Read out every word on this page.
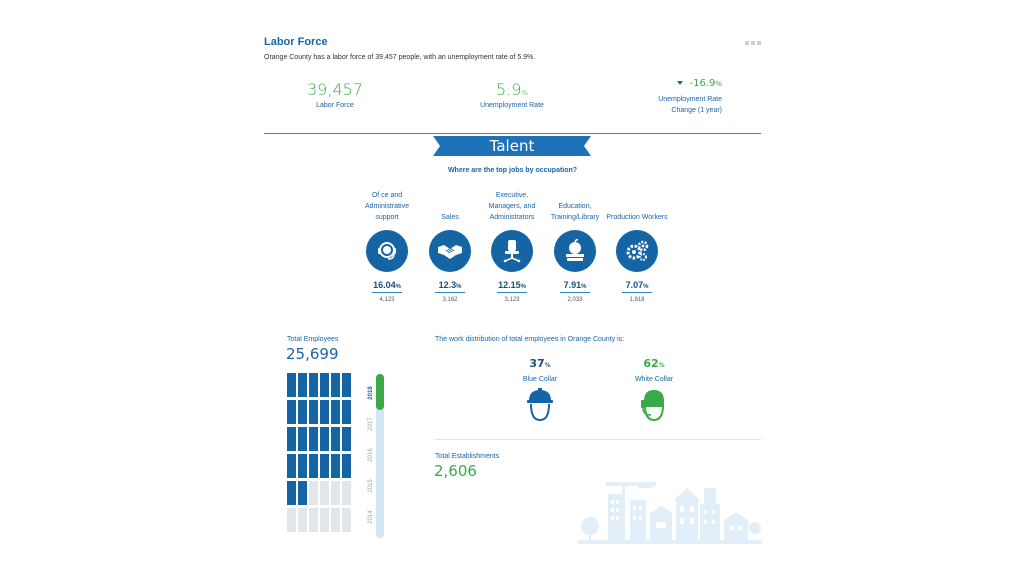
Labor Force
Orange County has a labor force of 39,457 people, with an unemployment rate of 5.9%.
39,457
Labor Force
5.9%
Unemployment Rate
-16.9%
Unemployment Rate
Change (1 year)
Talent
Where are the top jobs by occupation?
Of ce and Administrative support
16.04%
4,123
Sales
12.3%
3,162
Executive, Managers, and Administrators
12.15%
3,123
Education, Training/Library
7.91%
2,033
Production Workers
7.07%
1,818
Total Employees
25,699
2018
2017
2016
2015
2014
The work distribution of total employees in Orange County is:
37%
Blue Collar
62%
White Collar
Total Establishments
2,606
